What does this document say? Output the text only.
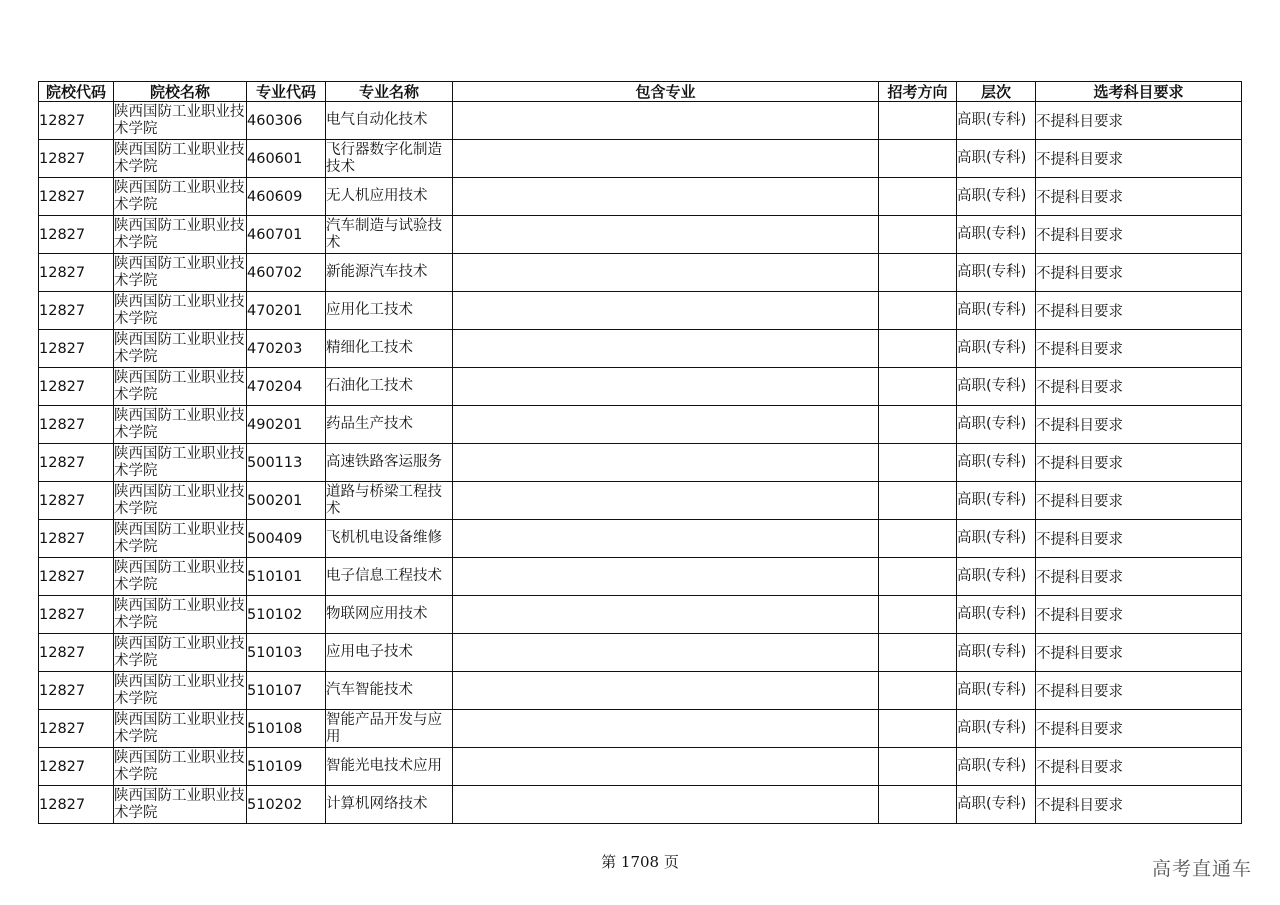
院校代码	院校名称	专业代码	专业名称	包含专业	招考方向	层次	选考科目要求
12827	陕西国防工业职业技术学院	460306	电气自动化技术			高职(专科)	不提科目要求
12827	陕西国防工业职业技术学院	460601	飞行器数字化制造技术			高职(专科)	不提科目要求
12827	陕西国防工业职业技术学院	460609	无人机应用技术			高职(专科)	不提科目要求
12827	陕西国防工业职业技术学院	460701	汽车制造与试验技术			高职(专科)	不提科目要求
12827	陕西国防工业职业技术学院	460702	新能源汽车技术			高职(专科)	不提科目要求
12827	陕西国防工业职业技术学院	470201	应用化工技术			高职(专科)	不提科目要求
12827	陕西国防工业职业技术学院	470203	精细化工技术			高职(专科)	不提科目要求
12827	陕西国防工业职业技术学院	470204	石油化工技术			高职(专科)	不提科目要求
12827	陕西国防工业职业技术学院	490201	药品生产技术			高职(专科)	不提科目要求
12827	陕西国防工业职业技术学院	500113	高速铁路客运服务			高职(专科)	不提科目要求
12827	陕西国防工业职业技术学院	500201	道路与桥梁工程技术			高职(专科)	不提科目要求
12827	陕西国防工业职业技术学院	500409	飞机机电设备维修			高职(专科)	不提科目要求
12827	陕西国防工业职业技术学院	510101	电子信息工程技术			高职(专科)	不提科目要求
12827	陕西国防工业职业技术学院	510102	物联网应用技术			高职(专科)	不提科目要求
12827	陕西国防工业职业技术学院	510103	应用电子技术			高职(专科)	不提科目要求
12827	陕西国防工业职业技术学院	510107	汽车智能技术			高职(专科)	不提科目要求
12827	陕西国防工业职业技术学院	510108	智能产品开发与应用			高职(专科)	不提科目要求
12827	陕西国防工业职业技术学院	510109	智能光电技术应用			高职(专科)	不提科目要求
12827	陕西国防工业职业技术学院	510202	计算机网络技术			高职(专科)	不提科目要求
第 1708 页	高考直通车
